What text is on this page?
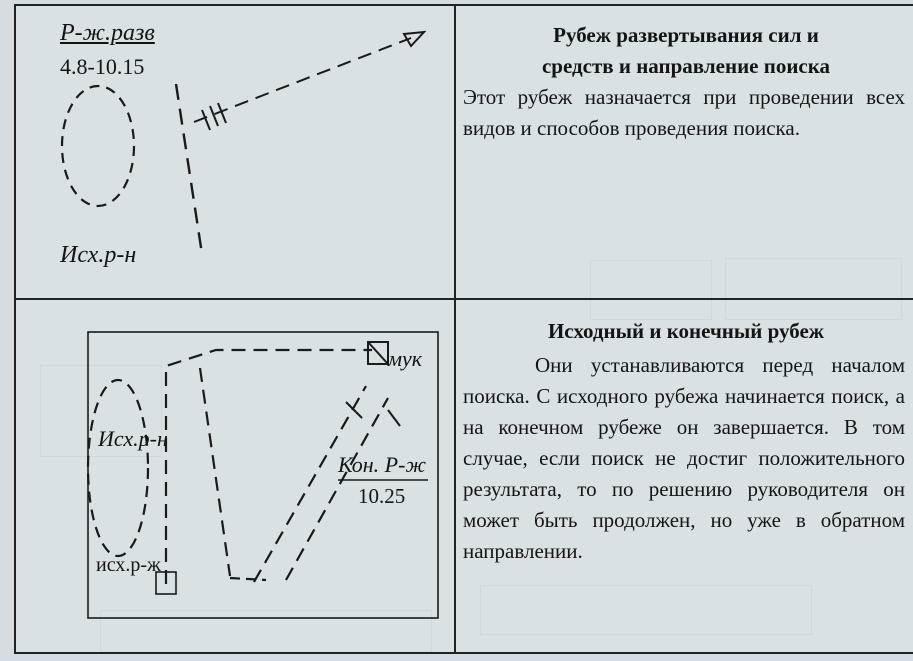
Р-ж.разв
4.8-10.15
Исх.р-н
Рубеж развертывания сил и
средств и направление поиска
Этот рубеж назначается при проведении всех видов и способов проведения поиска.
мук
Исх.р-н
Кон. Р-ж
10.25
исх.р-ж
Исходный и конечный рубеж
Они устанавливаются перед началом поиска. С исходного рубежа начинается поиск, а на конечном рубеже он завершается. В том случае, если поиск не достиг положительного результата, то по решению руководителя он может быть продолжен, но уже в обратном направлении.
